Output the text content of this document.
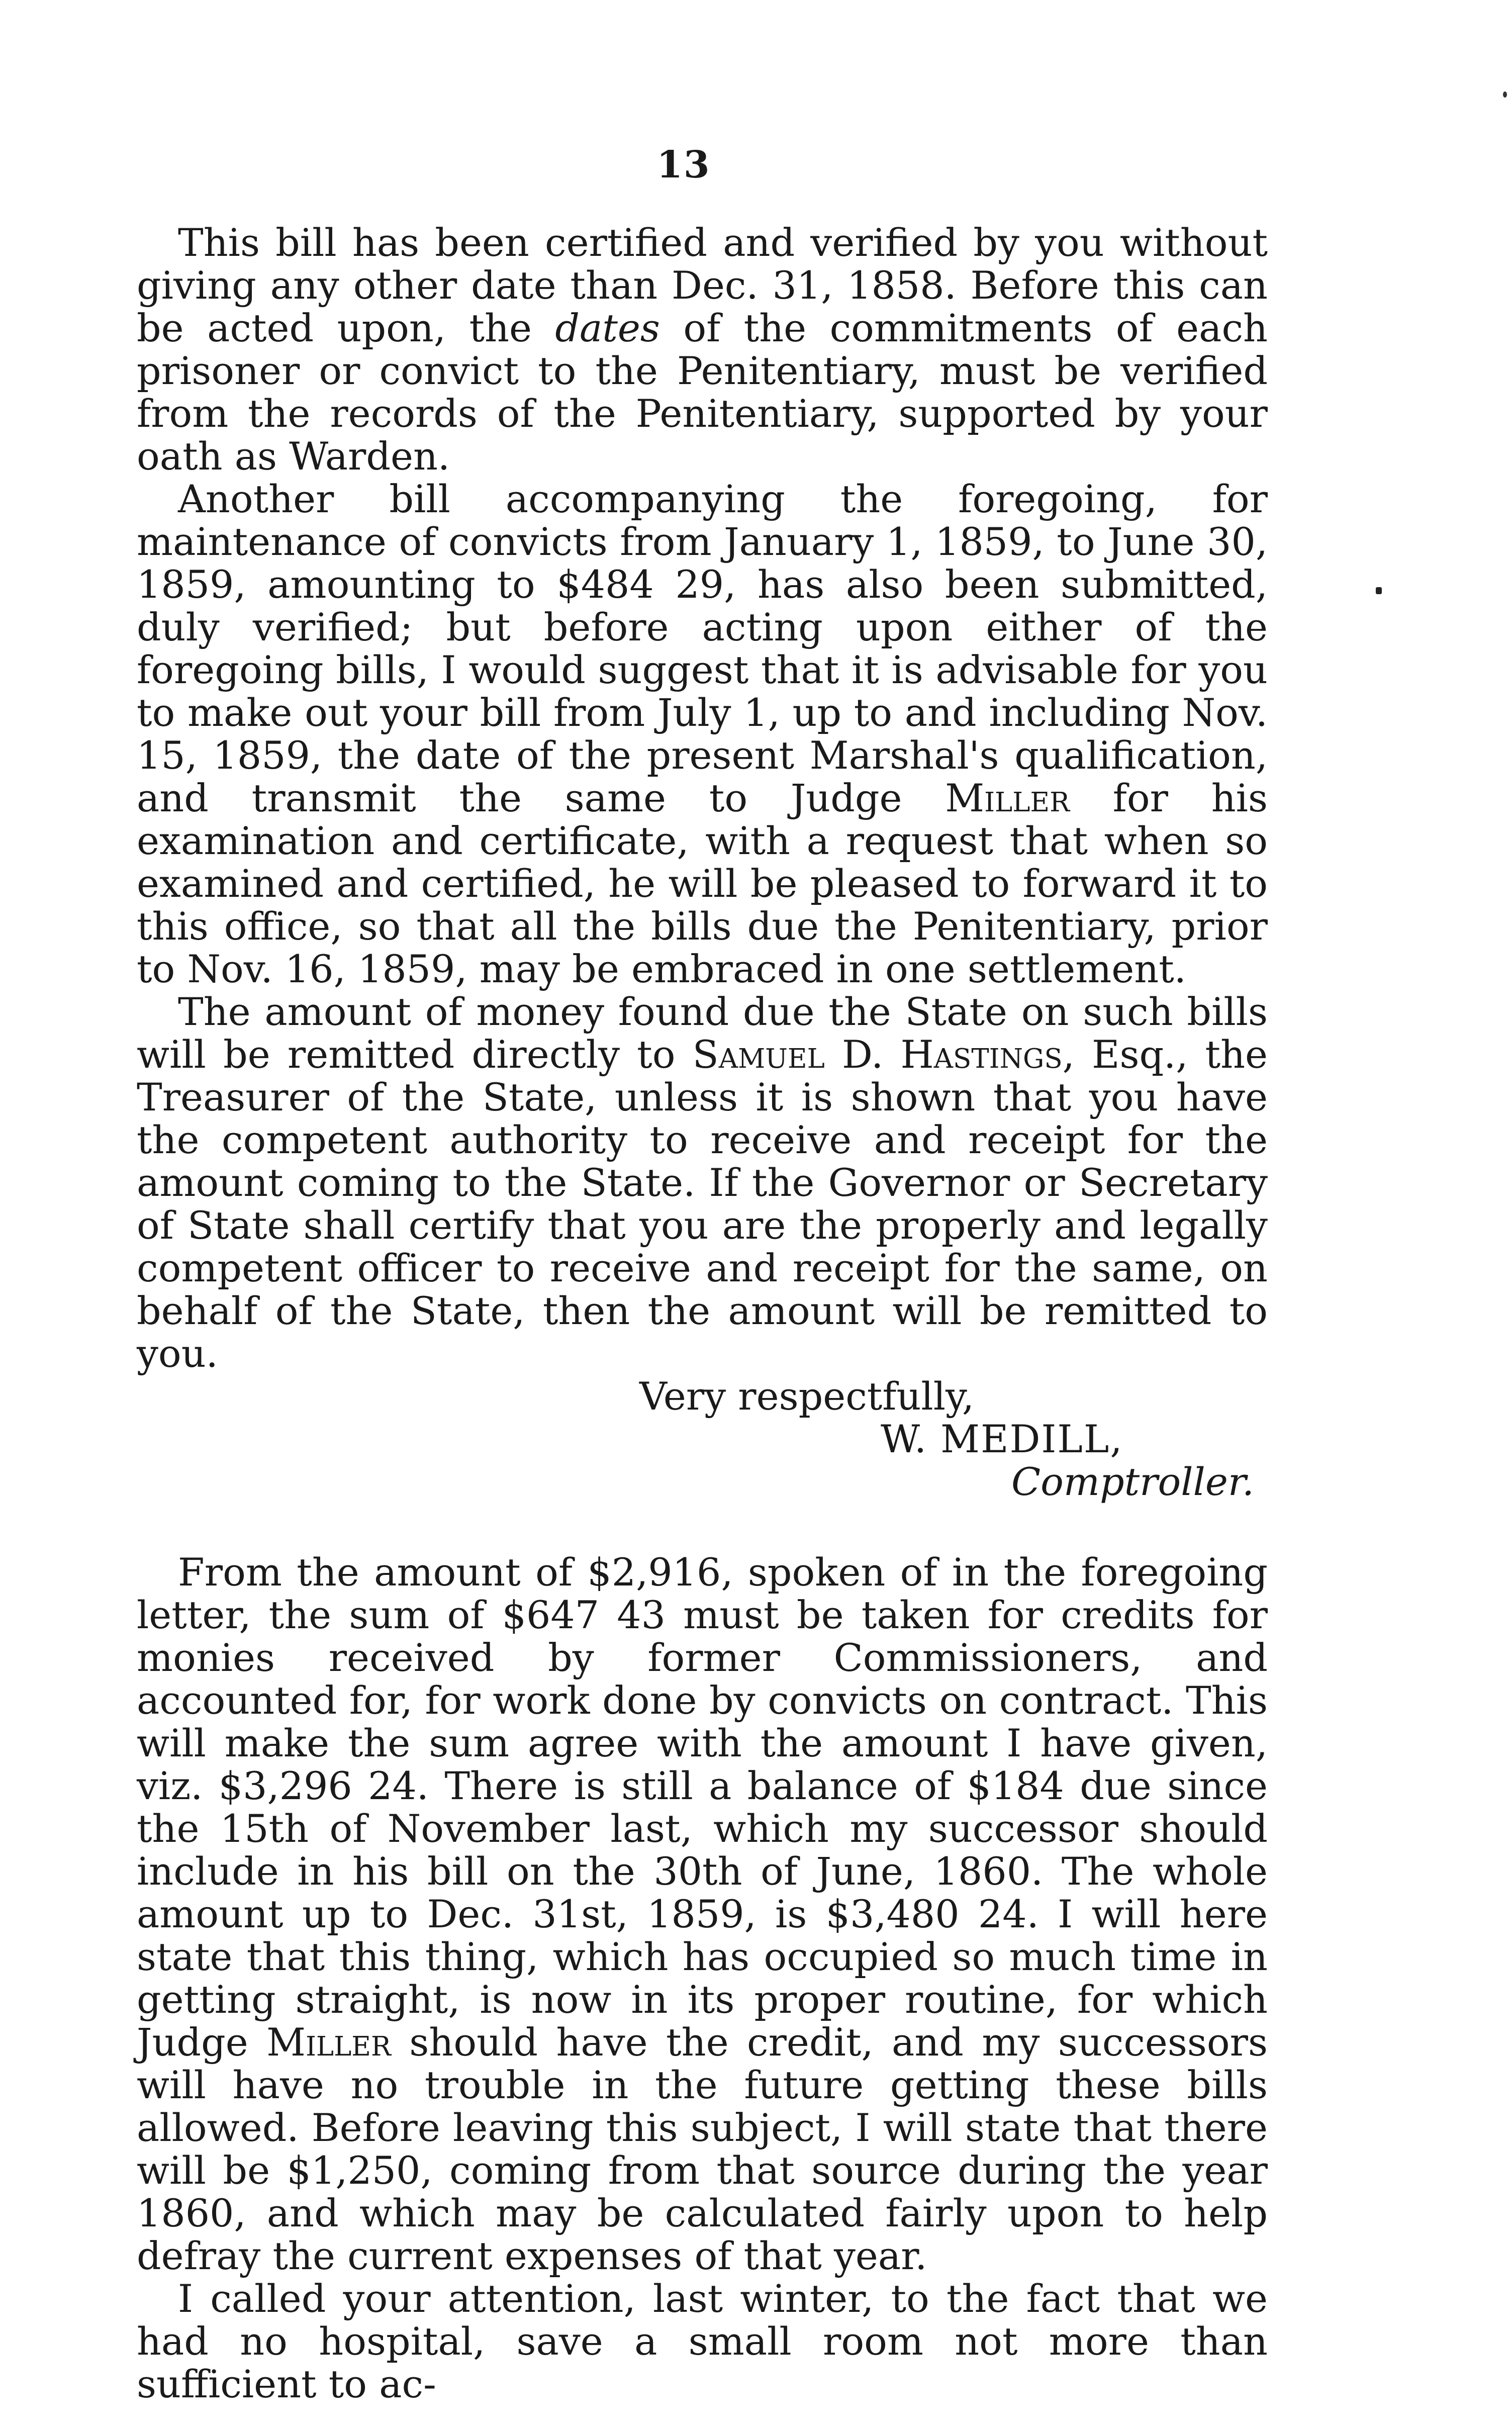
13

This bill has been certified and verified by you without giving any other date than Dec. 31, 1858. Before this can be acted upon, the dates of the commitments of each prisoner or convict to the Penitentiary, must be verified from the records of the Penitentiary, supported by your oath as Warden.

Another bill accompanying the foregoing, for maintenance of convicts from January 1, 1859, to June 30, 1859, amounting to $484 29, has also been submitted, duly verified; but before acting upon either of the foregoing bills, I would suggest that it is advisable for you to make out your bill from July 1, up to and including Nov. 15, 1859, the date of the present Marshal's qualification, and transmit the same to Judge Miller for his examination and certificate, with a request that when so examined and certified, he will be pleased to forward it to this office, so that all the bills due the Penitentiary, prior to Nov. 16, 1859, may be embraced in one settlement.

The amount of money found due the State on such bills will be remitted directly to Samuel D. Hastings, Esq., the Treasurer of the State, unless it is shown that you have the competent authority to receive and receipt for the amount coming to the State. If the Governor or Secretary of State shall certify that you are the properly and legally competent officer to receive and receipt for the same, on behalf of the State, then the amount will be remitted to you.

Very respectfully,
W. MEDILL,
Comptroller.

From the amount of $2,916, spoken of in the foregoing letter, the sum of $647 43 must be taken for credits for monies received by former Commissioners, and accounted for, for work done by convicts on contract. This will make the sum agree with the amount I have given, viz. $3,296 24. There is still a balance of $184 due since the 15th of November last, which my successor should include in his bill on the 30th of June, 1860. The whole amount up to Dec. 31st, 1859, is $3,480 24. I will here state that this thing, which has occupied so much time in getting straight, is now in its proper routine, for which Judge Miller should have the credit, and my successors will have no trouble in the future getting these bills allowed. Before leaving this subject, I will state that there will be $1,250, coming from that source during the year 1860, and which may be calculated fairly upon to help defray the current expenses of that year.

I called your attention, last winter, to the fact that we had no hospital, save a small room not more than sufficient to ac-
